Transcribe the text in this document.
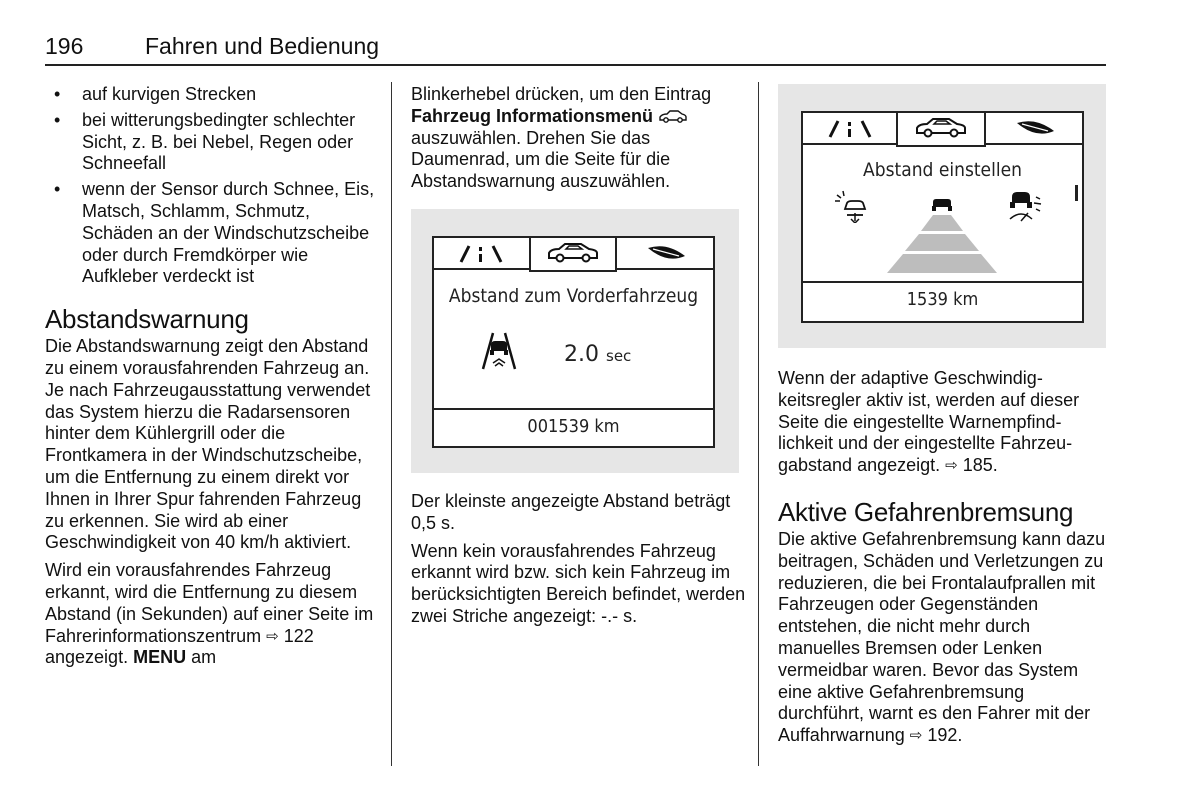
196	Fahren und Bedienung
• auf kurvigen Strecken
• bei witterungsbedingter schlechter Sicht, z. B. bei Nebel, Regen oder Schneefall
• wenn der Sensor durch Schnee, Eis, Matsch, Schlamm, Schmutz, Schäden an der Windschutzscheibe oder durch Fremdkörper wie Aufkleber verdeckt ist
Abstandswarnung

Die Abstandswarnung zeigt den Abstand zu einem vorausfahrenden Fahrzeug an. Je nach Fahrzeugausstattung verwendet das System hierzu die Radarsensoren hinter dem Kühlergrill oder die Frontkamera in der Windschutzscheibe, um die Entfernung zu einem direkt vor Ihnen in Ihrer Spur fahrenden Fahrzeug zu erkennen. Sie wird ab einer Geschwindigkeit von 40 km/h aktiviert.

Wird ein vorausfahrendes Fahrzeug erkannt, wird die Entfernung zu diesem Abstand (in Sekunden) auf einer Seite im Fahrerinformationszentrum ⇨ 122 angezeigt. MENU am

Blinkerhebel drücken, um den Eintrag Fahrzeug Informationsmenü  auszuwählen. Drehen Sie das Daumenrad, um die Seite für die Abstandswarnung auszuwählen.

Abstand zum Vorderfahrzeug
2.0 sec
001539 km

Der kleinste angezeigte Abstand beträgt 0,5 s.

Wenn kein vorausfahrendes Fahrzeug erkannt wird bzw. sich kein Fahrzeug im berücksichtigten Bereich befindet, werden zwei Striche angezeigt: -.- s.

Abstand einstellen
1539 km

Wenn der adaptive Geschwindigkeitsregler aktiv ist, werden auf dieser Seite die eingestellte Warnempfindlichkeit und der eingestellte Fahrzeugabstand angezeigt. ⇨ 185.

Aktive Gefahrenbremsung

Die aktive Gefahrenbremsung kann dazu beitragen, Schäden und Verletzungen zu reduzieren, die bei Frontalaufprallen mit Fahrzeugen oder Gegenständen entstehen, die nicht mehr durch manuelles Bremsen oder Lenken vermeidbar waren. Bevor das System eine aktive Gefahrenbremsung durchführt, warnt es den Fahrer mit der Auffahrwarnung ⇨ 192.
